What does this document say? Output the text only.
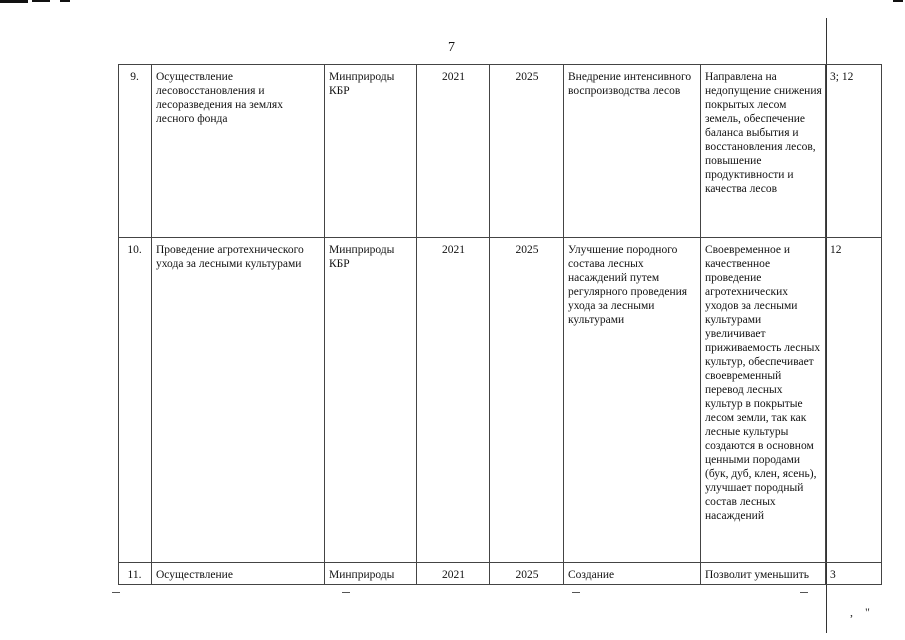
7
9.	Осуществление лесовосстановления и лесоразведения на землях лесного фонда	Минприроды КБР	2021	2025	Внедрение интенсивного воспроизводства лесов	Направлена на недопущение снижения покрытых лесом земель, обеспечение баланса выбытия и восстановления лесов, повышение продуктивности и качества лесов	3; 12
10.	Проведение агротехнического ухода за лесными культурами	Минприроды КБР	2021	2025	Улучшение породного состава лесных насаждений путем регулярного проведения ухода за лесными культурами	Своевременное и качественное проведение агротехнических уходов за лесными культурами увеличивает приживаемость лесных культур, обеспечивает своевременный перевод лесных культур в покрытые лесом земли, так как лесные культуры создаются в основном ценными породами (бук, дуб, клен, ясень), улучшает породный состав лесных насаждений	12
11.	Осуществление	Минприроды	2021	2025	Создание	Позволит уменьшить	3
,    "
